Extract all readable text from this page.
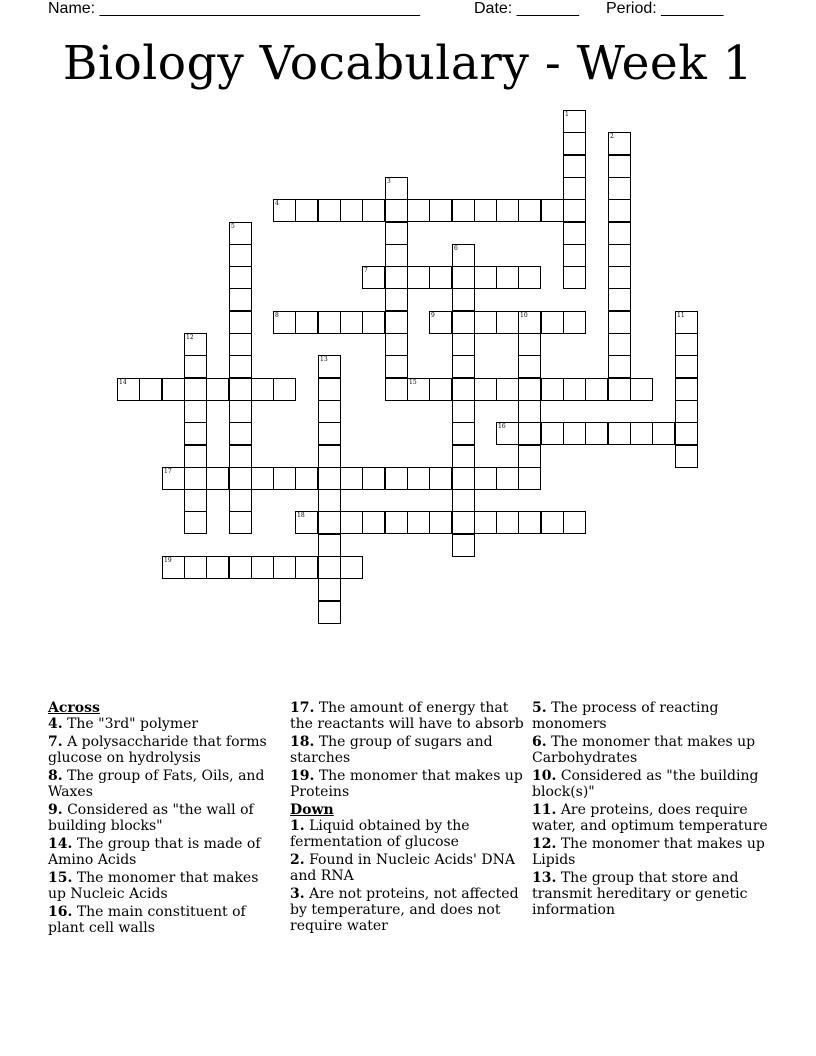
Name: ____________________________________	Date: _______ Period: _______
Biology Vocabulary - Week 1
1
2
3
4
5
6
7
8	9	10	11
12
13
14	15
16
17
18
19

Across

4. The "3rd" polymer

7. A polysaccharide that forms glucose on hydrolysis

8. The group of Fats, Oils, and Waxes

9. Considered as "the wall of building blocks"

14. The group that is made of Amino Acids

15. The monomer that makes up Nucleic Acids

16. The main constituent of plant cell walls

17. The amount of energy that the reactants will have to absorb

18. The group of sugars and starches

19. The monomer that makes up Proteins

Down

1. Liquid obtained by the fermentation of glucose

2. Found in Nucleic Acids' DNA and RNA

3. Are not proteins, not affected by temperature, and does not require water

5. The process of reacting monomers

6. The monomer that makes up Carbohydrates

10. Considered as "the building block(s)"

11. Are proteins, does require water, and optimum temperature

12. The monomer that makes up Lipids

13. The group that store and transmit hereditary or genetic information
